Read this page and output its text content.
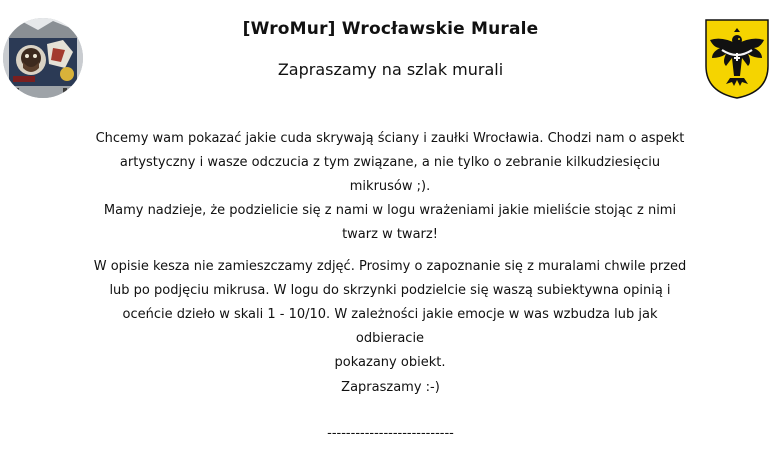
[WroMur] Wrocławskie Murale
Zapraszamy na szlak murali
Chcemy wam pokazać jakie cuda skrywają ściany i zaułki Wrocławia. Chodzi nam o aspekt
artystyczny i wasze odczucia z tym związane, a nie tylko o zebranie kilkudziesięciu mikrusów ;).
Mamy nadzieje, że podzielicie się z nami w logu wrażeniami jakie mieliście stojąc z nimi
twarz w twarz!
W opisie kesza nie zamieszczamy zdjęć. Prosimy o zapoznanie się z muralami chwile przed
lub po podjęciu mikrusa. W logu do skrzynki podzielcie się waszą subiektywna opinią i
oceńcie dzieło w skali 1 - 10/10. W zależności jakie emocje w was wzbudza lub jak odbieracie
pokazany obiekt.
Zapraszamy :-)
---------------------------
